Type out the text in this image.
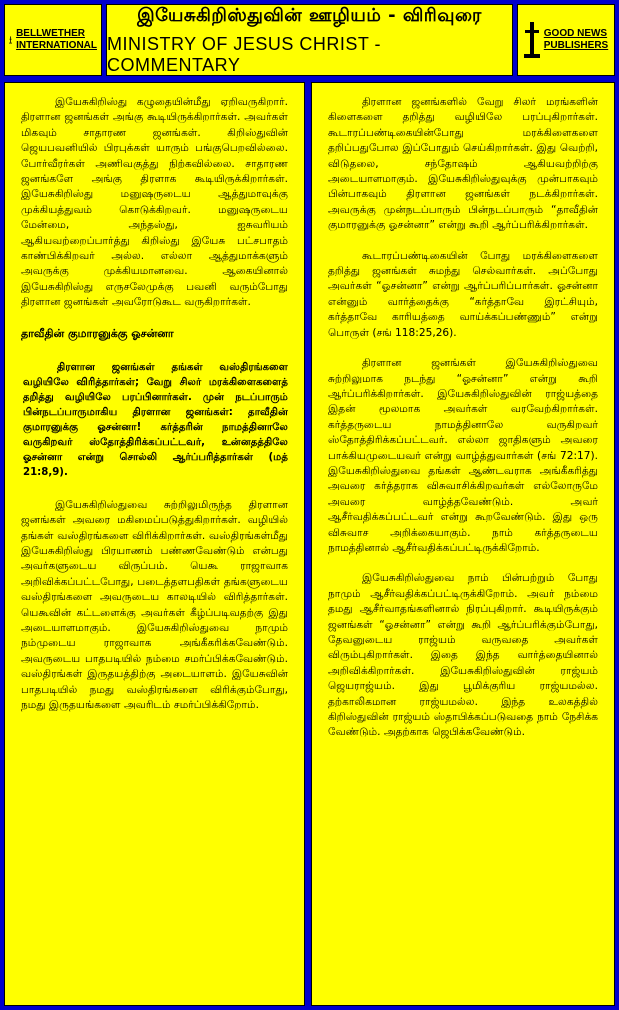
BELLWETHER
INTERNATIONAL
இயேசுகிறிஸ்துவின் ஊழியம் - விரிவுரை
MINISTRY OF JESUS CHRIST - COMMENTARY
GOOD NEWS
PUBLISHERS

இயேசுகிறிஸ்து கழுதையின்மீது ஏறிவருகிறார். திரளான ஜனங்கள் அங்கு கூடியிருக்கிறார்கள். அவர்கள் மிகவும் சாதாரண ஜனங்கள். கிறிஸ்துவின் ஜெயபவனியில் பிரபுக்கள் யாரும் பங்குபெறவில்லை. போர்வீரர்கள் அணிவகுத்து நிற்கவில்லை. சாதாரண ஜனங்களே அங்கு திரளாக கூடியிருக்கிறார்கள். இயேசுகிறிஸ்து மனுஷருடைய ஆத்துமாவுக்கு முக்கியத்துவம் கொடுக்கிறவர். மனுஷருடைய மேன்மை, அந்தஸ்து, ஐசுவரியம் ஆகியவற்றைப்பார்த்து கிறிஸ்து இயேசு பட்சபாதம் காண்பிக்கிறவர் அல்ல. எல்லா ஆத்துமாக்களும் அவருக்கு முக்கியமானவை. ஆகையினால் இயேசுகிறிஸ்து எருசலேமுக்கு பவனி வரும்போது திரளான ஜனங்கள் அவரோடுகூட வருகிறார்கள்.

தாவீதின் குமாரனுக்கு ஓசன்னா

திரளான ஜனங்கள் தங்கள் வஸ்திரங்களை வழியிலே விரித்தார்கள்; வேறு சிலர் மரக்கிளைகளைத் தறித்து வழியிலே பரப்பினார்கள். முன் நடப்பாரும் பின்நடப்பாருமாகிய திரளான ஜனங்கள்: தாவீதின் குமாரனுக்கு ஓசன்னா! கர்த்தரின் நாமத்தினாலே வருகிறவர் ஸ்தோத்திரிக்கப்பட்டவர், உன்னதத்திலே ஓசன்னா என்று சொல்லி ஆர்ப்பரித்தார்கள் (மத் 21:8,9).

இயேசுகிறிஸ்துவை சுற்றிலுமிருந்த திரளான ஜனங்கள் அவரை மகிமைப்படுத்துகிறார்கள். வழியில் தங்கள் வஸ்திரங்களை விரிக்கிறார்கள். வஸ்திரங்கள்மீது இயேசுகிறிஸ்து பிரயாணம் பண்ணவேண்டும் என்பது அவர்களுடைய விருப்பம். யெகூ ராஜாவாக அறிவிக்கப்பட்டபோது, படைத்தளபதிகள் தங்களுடைய வஸ்திரங்களை அவருடைய காலடியில் விரித்தார்கள். யெகூவின் கட்டளைக்கு அவர்கள் கீழ்ப்படிவதற்கு இது அடையாளமாகும். இயேசுகிறிஸ்துவை நாமும் நம்முடைய ராஜாவாக அங்கீகரிக்கவேண்டும். அவருடைய பாதபடியில் நம்மை சமர்ப்பிக்கவேண்டும். வஸ்திரங்கள் இருதயத்திற்கு அடையாளம். இயேசுவின் பாதபடியில் நமது வஸ்திரங்களை விரிக்கும்போது, நமது இருதயங்களை அவரிடம் சமர்ப்பிக்கிறோம்.

திரளான ஜனங்களில் வேறு சிலர் மரங்களின் கிளைகளை தறித்து வழியிலே பரப்புகிறார்கள். கூடாரப்பண்டிகையின்போது மரக்கிளைகளை தறிப்பதுபோல இப்போதும் செய்கிறார்கள். இது வெற்றி, விடுதலை, சந்தோஷம் ஆகியவற்றிற்கு அடையாளமாகும். இயேசுகிறிஸ்துவுக்கு முன்பாகவும் பின்பாகவும் திரளான ஜனங்கள் நடக்கிறார்கள். அவருக்கு முன்நடப்பாரும் பின்நடப்பாரும் “தாவீதின் குமாரனுக்கு ஓசன்னா” என்று கூறி ஆர்ப்பரிக்கிறார்கள்.

கூடாரப்பண்டிகையின் போது மரக்கிளைகளை தறித்து ஜனங்கள் சுமந்து செல்வார்கள். அப்போது அவர்கள் “ஓசன்னா” என்று ஆர்ப்பரிப்பார்கள். ஓசன்னா என்னும் வார்த்தைக்கு “கர்த்தாவே இரட்சியும், கர்த்தாவே காரியத்தை வாய்க்கப்பண்ணும்” என்று பொருள் (சங் 118:25,26).

திரளான ஜனங்கள் இயேசுகிறிஸ்துவை சுற்றிலுமாக நடந்து “ஓசன்னா” என்று கூறி ஆர்ப்பரிக்கிறார்கள். இயேசுகிறிஸ்துவின் ராஜ்யத்தை இதன் மூலமாக அவர்கள் வரவேற்கிறார்கள். கர்த்தருடைய நாமத்தினாலே வருகிறவர் ஸ்தோத்திரிக்கப்பட்டவர். எல்லா ஜாதிகளும் அவரை பாக்கியமுடையவர் என்று வாழ்த்துவார்கள் (சங் 72:17). இயேசுகிறிஸ்துவை தங்கள் ஆண்டவராக அங்கீகரித்து அவரை கர்த்தராக விசுவாசிக்கிறவர்கள் எல்லோருமே அவரை வாழ்த்தவேண்டும். அவர் ஆசீர்வதிக்கப்பட்டவர் என்று கூறவேண்டும். இது ஒரு விசுவாச அறிக்கையாகும். நாம் கர்த்தருடைய நாமத்தினால் ஆசீர்வதிக்கப்பட்டிருக்கிறோம்.

இயேசுகிறிஸ்துவை நாம் பின்பற்றும் போது நாமும் ஆசீர்வதிக்கப்பட்டிருக்கிறோம். அவர் நம்மை தமது ஆசீர்வாதங்களினால் நிரப்புகிறார். கூடியிருக்கும் ஜனங்கள் “ஓசன்னா” என்று கூறி ஆர்ப்பரிக்கும்போது, தேவனுடைய ராஜ்யம் வருவதை அவர்கள் விரும்புகிறார்கள். இதை இந்த வார்த்தையினால் அறிவிக்கிறார்கள். இயேசுகிறிஸ்துவின் ராஜ்யம் ஜெயராஜ்யம். இது பூமிக்குரிய ராஜ்யமல்ல. தற்காலிகமான ராஜ்யமல்ல. இந்த உலகத்தில் கிறிஸ்துவின் ராஜ்யம் ஸ்தாபிக்கப்படுவதை நாம் நேசிக்க வேண்டும். அதற்காக ஜெபிக்கவேண்டும்.
